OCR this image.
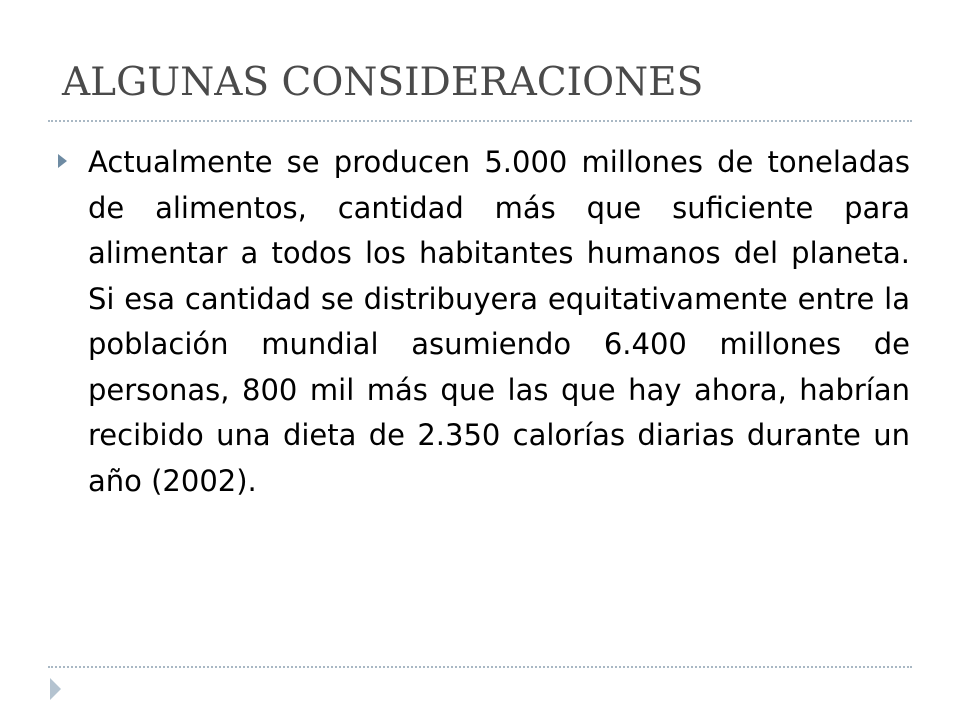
ALGUNAS CONSIDERACIONES

Actualmente se producen 5.000 millones de toneladas de alimentos, cantidad más que suficiente para alimentar a todos los habitantes humanos del planeta. Si esa cantidad se distribuyera equitativamente entre la población mundial asumiendo 6.400 millones de personas, 800 mil más que las que hay ahora, habrían recibido una dieta de 2.350 calorías diarias durante un año (2002).
